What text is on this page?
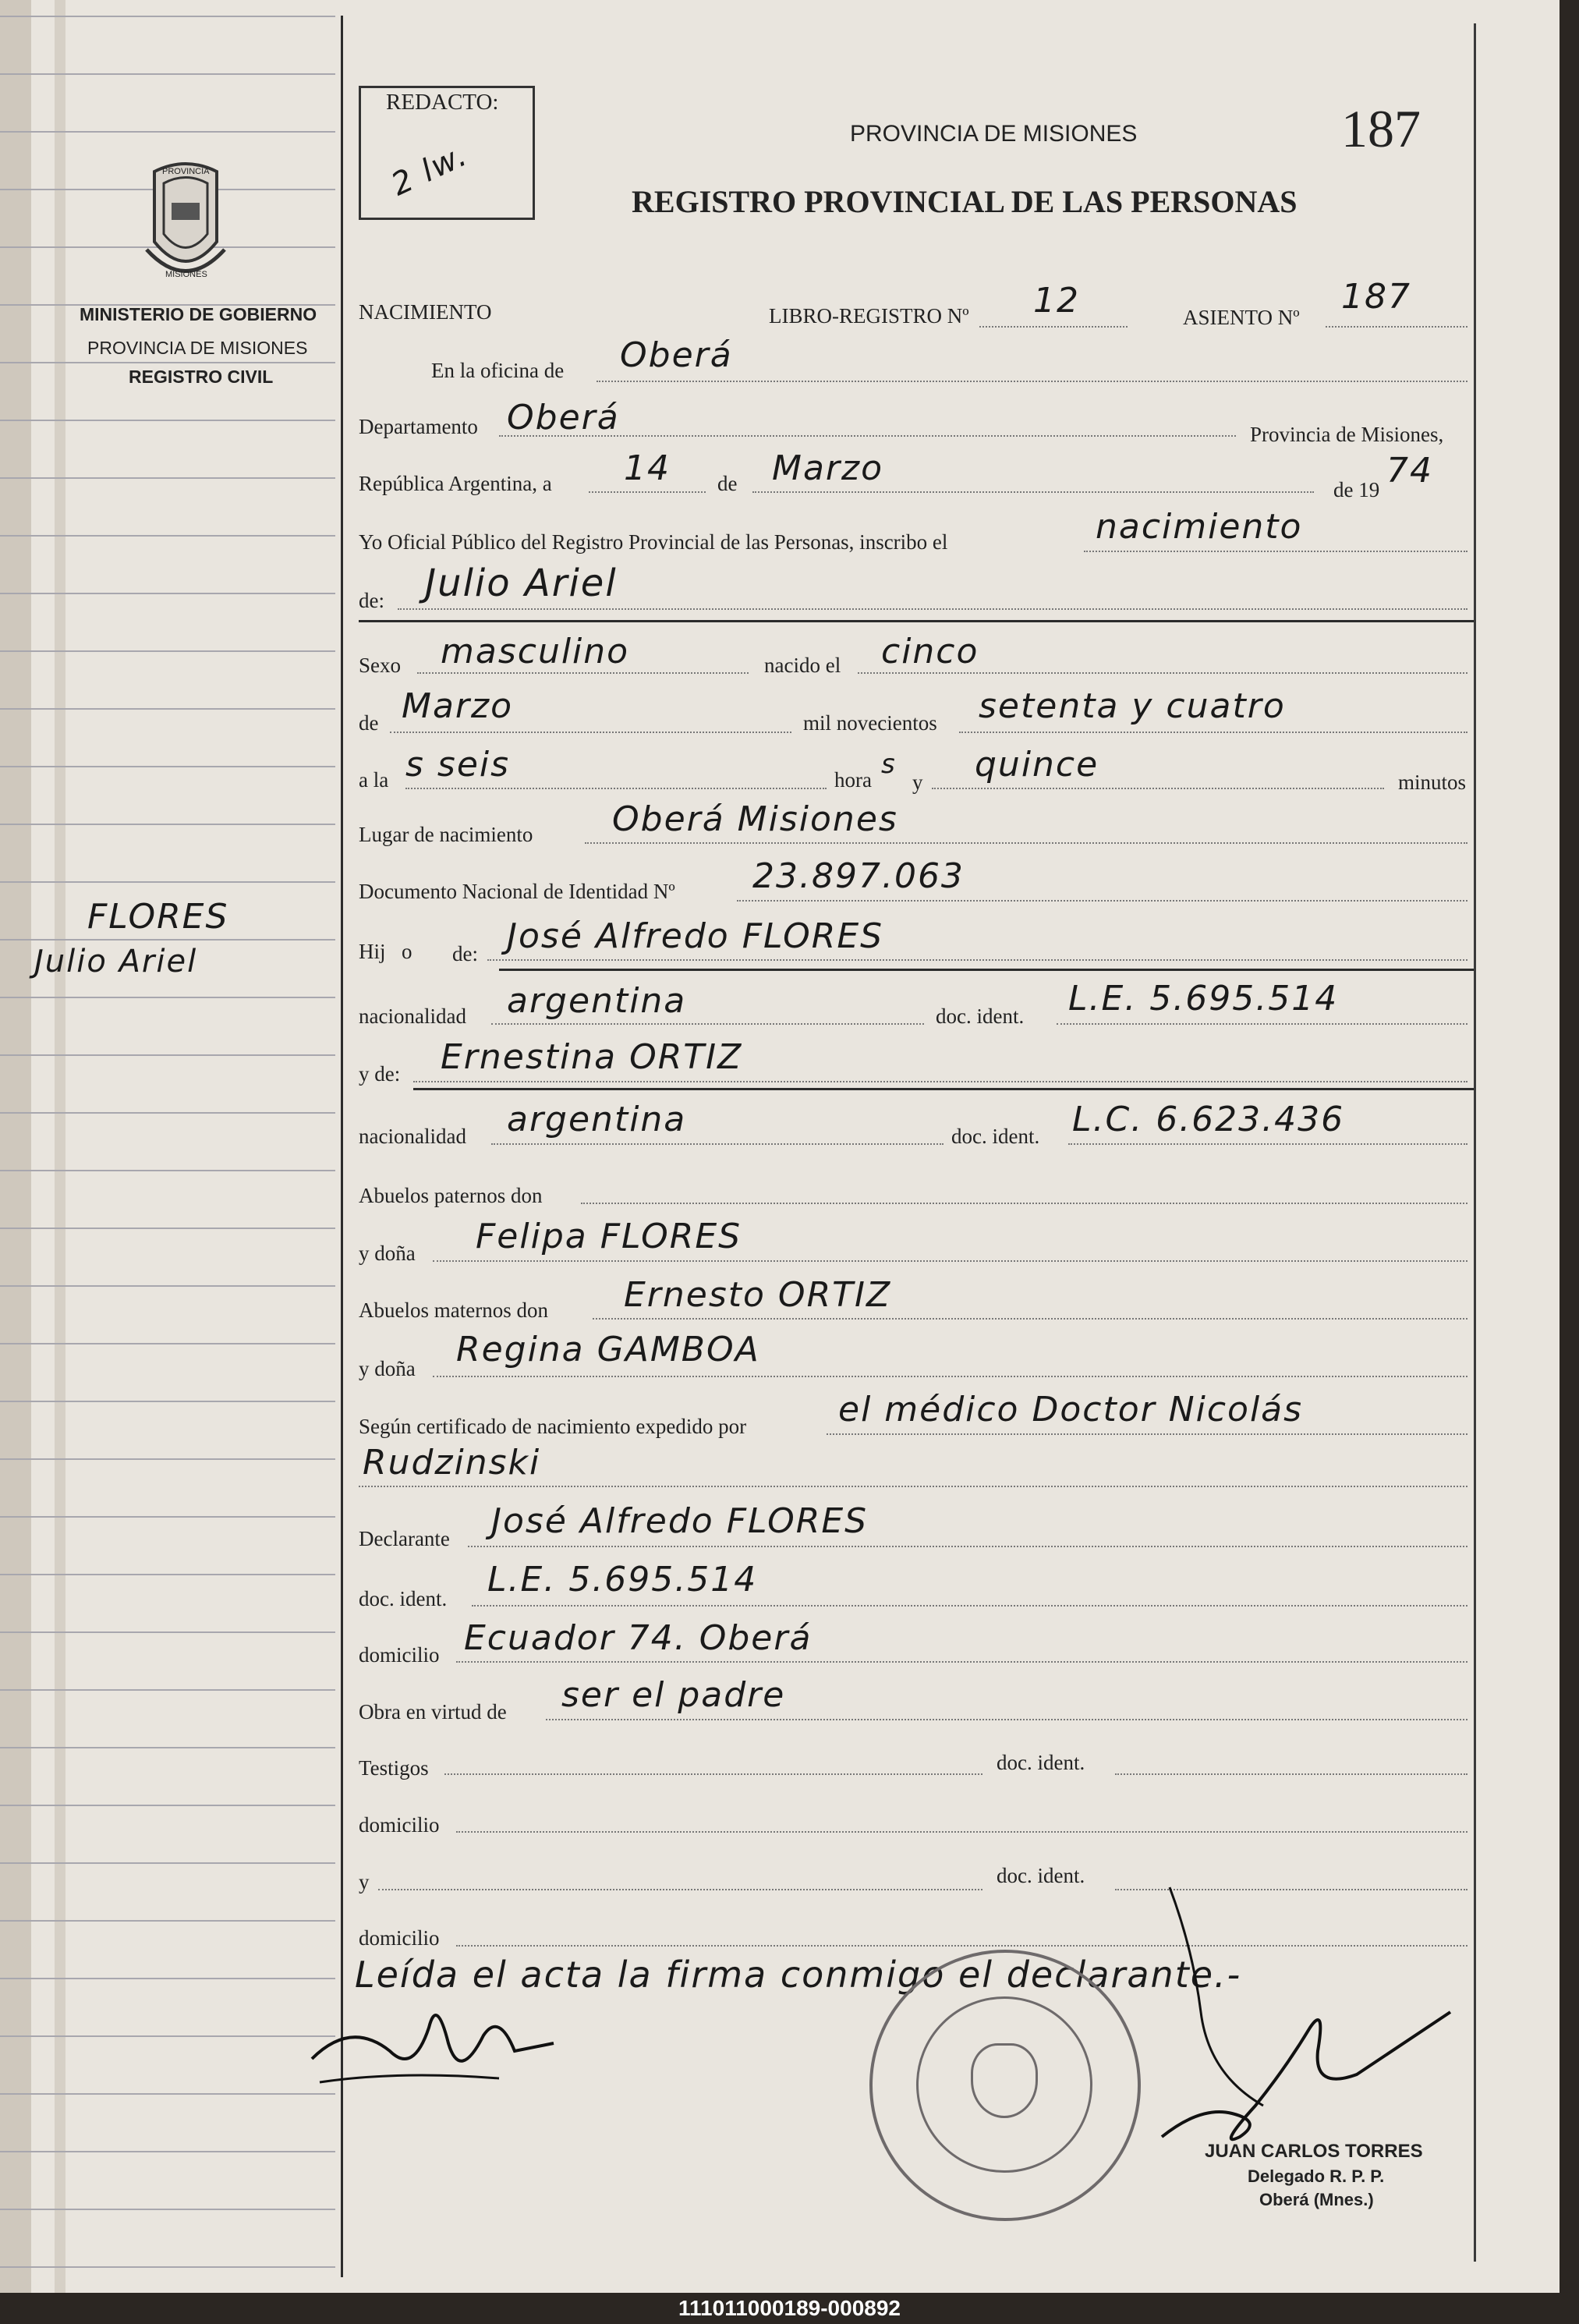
PROVINCIA
MISIONES
MINISTERIO DE GOBIERNO
PROVINCIA DE MISIONES
REGISTRO CIVIL
FLORES
Julio Ariel
REDACTO:
2 lw.
PROVINCIA DE MISIONES	187
REGISTRO PROVINCIAL DE LAS PERSONAS
NACIMIENTO	LIBRO-REGISTRO Nº 12	ASIENTO Nº
187
En la oficina de Oberá
Departamento Oberá	Provincia de Misiones,
República Argentina, a 14 de Marzo
de 19 74
Yo Oficial Público del Registro Provincial de las Personas, inscribo el	nacimiento
de: Julio Ariel
Sexo masculino	nacido el cinco
de Marzo	mil novecientos setenta y cuatro
a la s seis	hora s
y quince	minutos
Lugar de nacimiento Oberá Misiones
Documento Nacional de Identidad Nº 23.897.063
Hij o de: José Alfredo FLORES
nacionalidad argentina	doc. ident. L.E. 5.695.514
y de: Ernestina ORTIZ
nacionalidad argentina	doc. ident. L.C. 6.623.436
Abuelos paternos don
y doña Felipa FLORES
Abuelos maternos don Ernesto ORTIZ
y doña Regina GAMBOA
Según certificado de nacimiento expedido por	el médico Doctor Nicolás
Rudzinski
Declarante José Alfredo FLORES
doc. ident. L.E. 5.695.514
domicilio Ecuador 74. Oberá
Obra en virtud de ser el padre
Testigos	doc. ident.
domicilio
y	doc. ident.
domicilio
Leída el acta la firma conmigo el declarante.-
JUAN CARLOS TORRES
Delegado R. P. P.
Oberá (Mnes.)
1110110001​89-000892
